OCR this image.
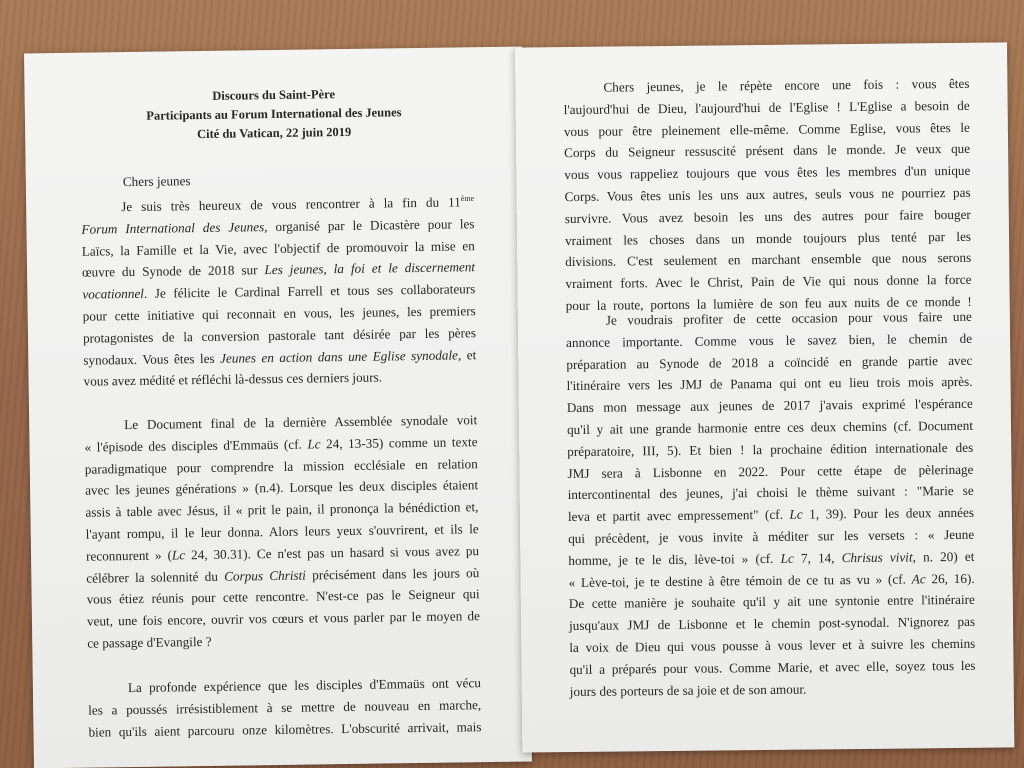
Discours du Saint-Père

Participants au Forum International des Jeunes

Cité du Vatican, 22 juin 2019

Chers jeunes
Je suis très heureux de vous rencontrer à la fin du 11ème
Forum International des Jeunes, organisé par le Dicastère pour les
Laïcs, la Famille et la Vie, avec l'objectif de promouvoir la mise en
œuvre du Synode de 2018 sur Les jeunes, la foi et le discernement
vocationnel. Je félicite le Cardinal Farrell et tous ses collaborateurs
pour cette initiative qui reconnait en vous, les jeunes, les premiers
protagonistes de la conversion pastorale tant désirée par les pères
synodaux. Vous êtes les Jeunes en action dans une Eglise synodale, et
vous avez médité et réfléchi là-dessus ces derniers jours.
Le Document final de la dernière Assemblée synodale voit
« l'épisode des disciples d'Emmaüs (cf. Lc 24, 13-35) comme un texte
paradigmatique pour comprendre la mission ecclésiale en relation
avec les jeunes générations » (n.4). Lorsque les deux disciples étaient
assis à table avec Jésus, il « prit le pain, il prononça la bénédiction et,
l'ayant rompu, il le leur donna. Alors leurs yeux s'ouvrirent, et ils le
reconnurent » (Lc 24, 30.31). Ce n'est pas un hasard si vous avez pu
célébrer la solennité du Corpus Christi précisément dans les jours où
vous étiez réunis pour cette rencontre. N'est-ce pas le Seigneur qui
veut, une fois encore, ouvrir vos cœurs et vous parler par le moyen de
ce passage d'Evangile ?
La profonde expérience que les disciples d'Emmaüs ont vécu
les a poussés irrésistiblement à se mettre de nouveau en marche,
bien qu'ils aient parcouru onze kilomètres. L'obscurité arrivait, mais
Chers jeunes, je le répète encore une fois : vous êtes
l'aujourd'hui de Dieu, l'aujourd'hui de l'Eglise ! L'Eglise a besoin de
vous pour être pleinement elle-même. Comme Eglise, vous êtes le
Corps du Seigneur ressuscité présent dans le monde. Je veux que
vous vous rappeliez toujours que vous êtes les membres d'un unique
Corps. Vous êtes unis les uns aux autres, seuls vous ne pourriez pas
survivre. Vous avez besoin les uns des autres pour faire bouger
vraiment les choses dans un monde toujours plus tenté par les
divisions. C'est seulement en marchant ensemble que nous serons
vraiment forts. Avec le Christ, Pain de Vie qui nous donne la force
pour la route, portons la lumière de son feu aux nuits de ce monde !
Je voudrais profiter de cette occasion pour vous faire une
annonce importante. Comme vous le savez bien, le chemin de
préparation au Synode de 2018 a coïncidé en grande partie avec
l'itinéraire vers les JMJ de Panama qui ont eu lieu trois mois après.
Dans mon message aux jeunes de 2017 j'avais exprimé l'espérance
qu'il y ait une grande harmonie entre ces deux chemins (cf. Document
préparatoire, III, 5). Et bien ! la prochaine édition internationale des
JMJ sera à Lisbonne en 2022. Pour cette étape de pèlerinage
intercontinental des jeunes, j'ai choisi le thème suivant : "Marie se
leva et partit avec empressement" (cf. Lc 1, 39). Pour les deux années
qui précèdent, je vous invite à méditer sur les versets : « Jeune
homme, je te le dis, lève-toi » (cf. Lc 7, 14, Chrisus vivit, n. 20) et
« Lève-toi, je te destine à être témoin de ce tu as vu » (cf. Ac 26, 16).
De cette manière je souhaite qu'il y ait une syntonie entre l'itinéraire
jusqu'aux JMJ de Lisbonne et le chemin post-synodal. N'ignorez pas
la voix de Dieu qui vous pousse à vous lever et à suivre les chemins
qu'il a préparés pour vous. Comme Marie, et avec elle, soyez tous les
jours des porteurs de sa joie et de son amour.
